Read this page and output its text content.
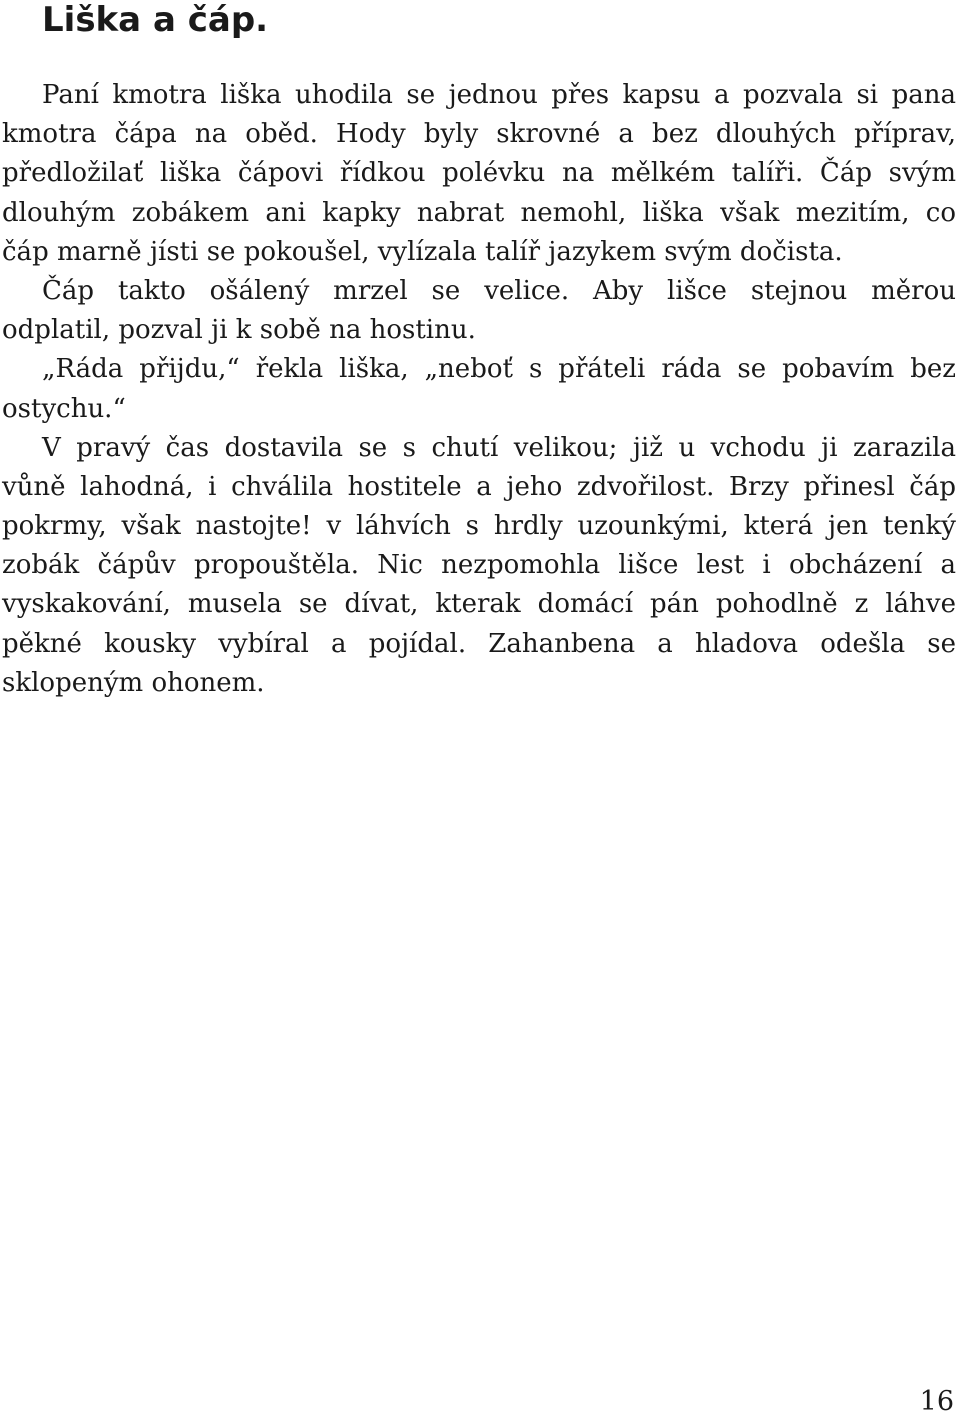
Liška a čáp.
Paní kmotra liška uhodila se jednou přes kapsu a pozvala si pana
kmotra čápa na oběd. Hody byly skrovné a bez dlouhých příprav,
předložilať liška čápovi řídkou polévku na mělkém talíři. Čáp svým
dlouhým zobákem ani kapky nabrat nemohl, liška však mezitím, co
čáp marně jísti se pokoušel, vylízala talíř jazykem svým dočista.
Čáp takto ošálený mrzel se velice. Aby lišce stejnou měrou
odplatil, pozval ji k sobě na hostinu.
„Ráda přijdu,“ řekla liška, „neboť s přáteli ráda se pobavím bez
ostychu.“
V pravý čas dostavila se s chutí velikou; již u vchodu ji zarazila
vůně lahodná, i chválila hostitele a jeho zdvořilost. Brzy přinesl čáp
pokrmy, však nastojte! v láhvích s hrdly uzounkými, která jen tenký
zobák čápův propouštěla. Nic nezpomohla lišce lest i obcházení a
vyskakování, musela se dívat, kterak domácí pán pohodlně z láhve
pěkné kousky vybíral a pojídal. Zahanbena a hladova odešla se
sklopeným ohonem.
16
